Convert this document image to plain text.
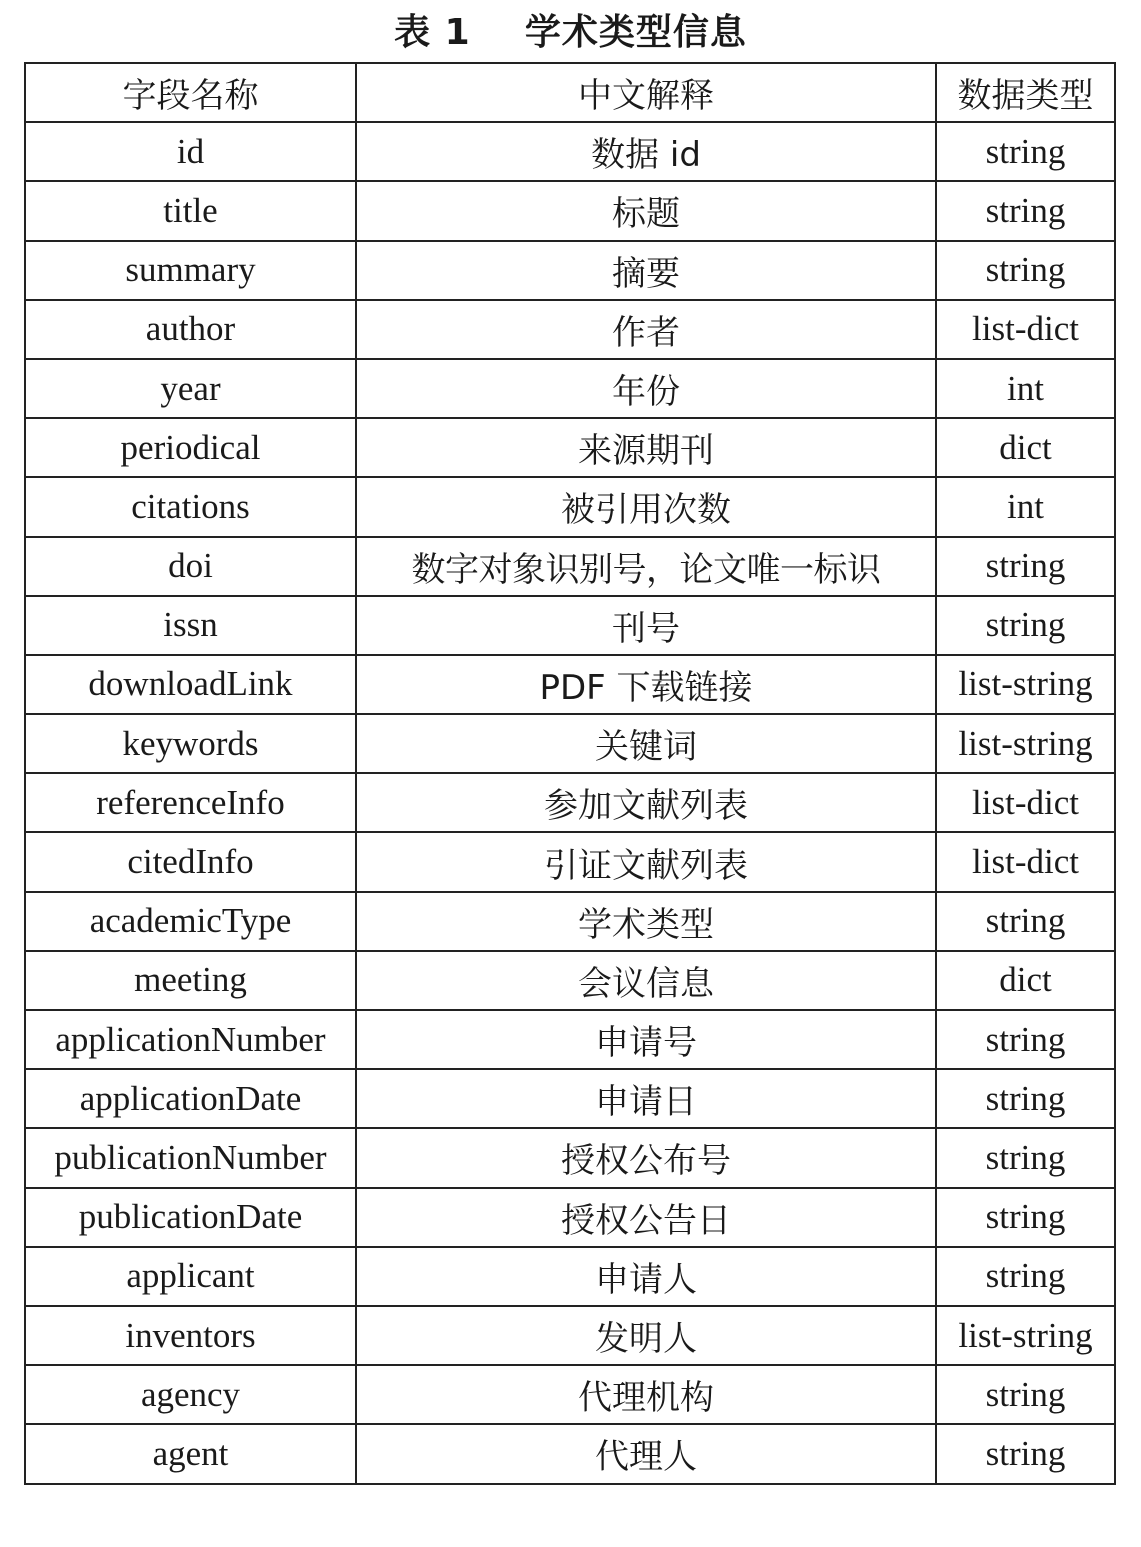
表 1    学术类型信息
字段名称	中文解释	数据类型
id	数据 id	string
title	标题	string
summary	摘要	string
author	作者	list-dict
year	年份	int
periodical	来源期刊	dict
citations	被引用次数	int
doi	数字对象识别号，论文唯一标识	string
issn	刊号	string
downloadLink	PDF 下载链接	list-string
keywords	关键词	list-string
referenceInfo	参加文献列表	list-dict
citedInfo	引证文献列表	list-dict
academicType	学术类型	string
meeting	会议信息	dict
applicationNumber	申请号	string
applicationDate	申请日	string
publicationNumber	授权公布号	string
publicationDate	授权公告日	string
applicant	申请人	string
inventors	发明人	list-string
agency	代理机构	string
agent	代理人	string
